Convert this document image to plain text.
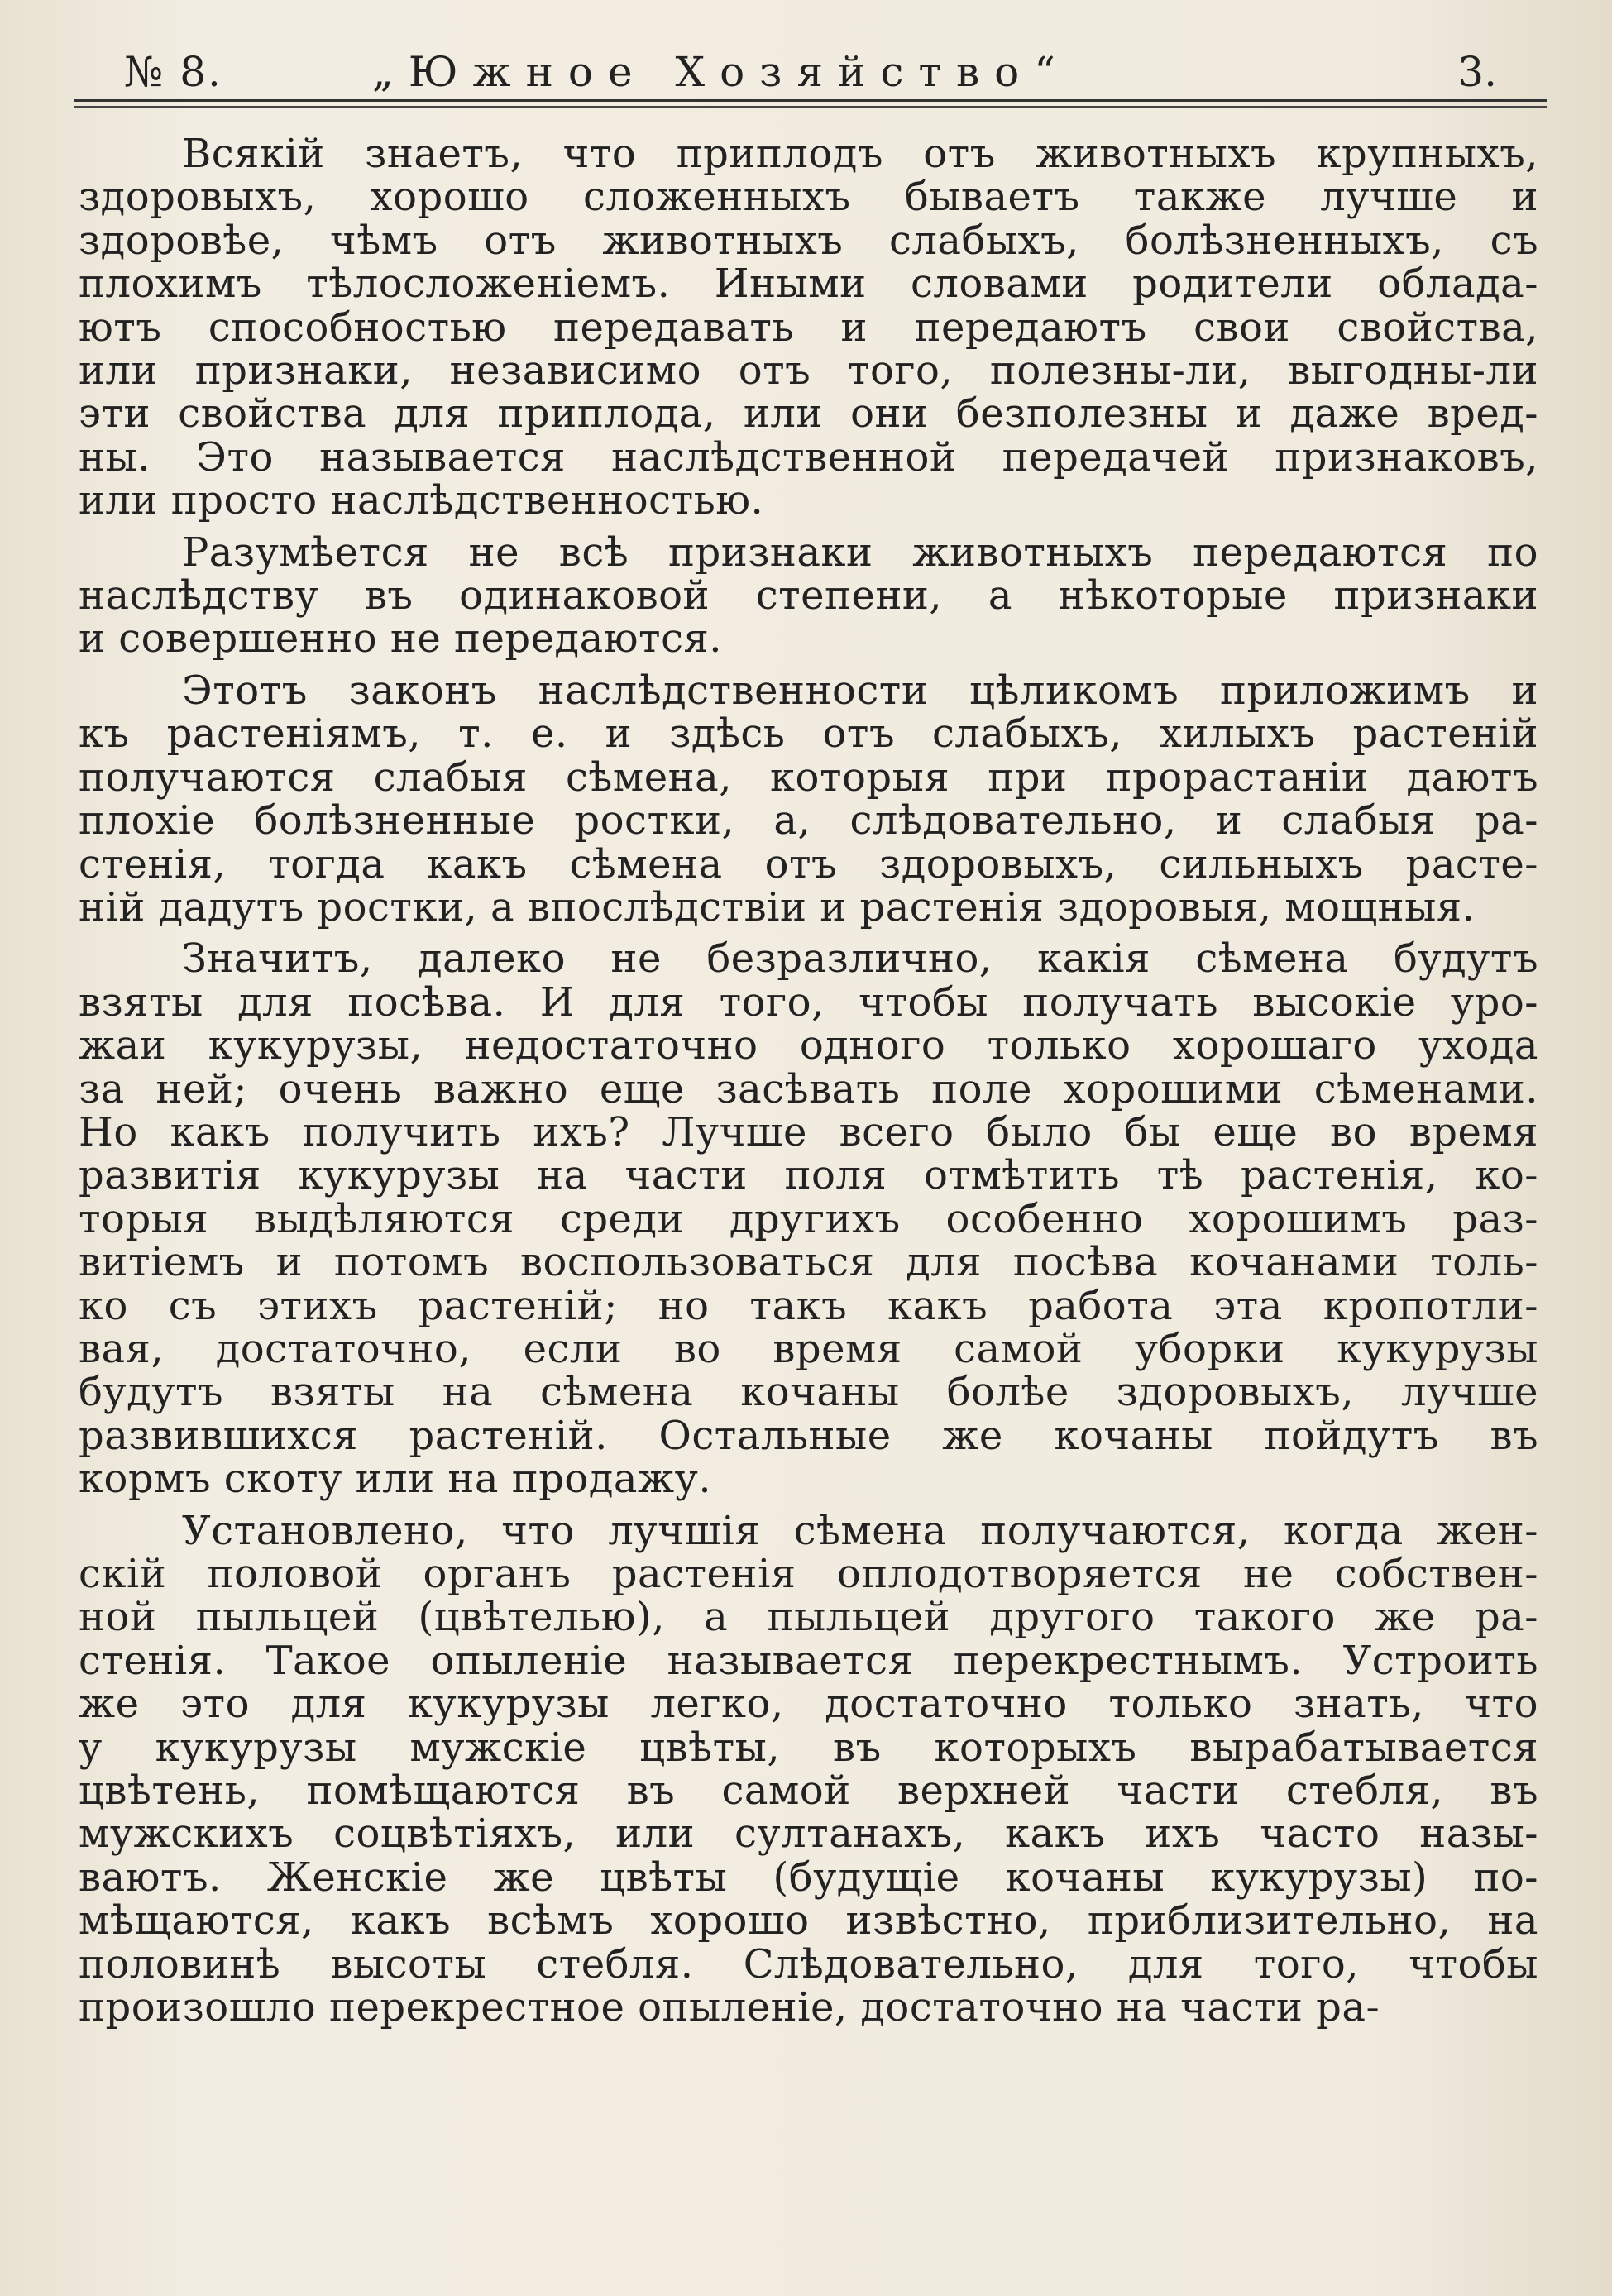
№ 8.	„Южное Хозяйство“	3.
Всякій знаетъ, что приплодъ отъ животныхъ крупныхъ,
здоровыхъ, хорошо сложенныхъ бываетъ также лучше и
здоровѣе, чѣмъ отъ животныхъ слабыхъ, болѣзненныхъ, съ
плохимъ тѣлосложеніемъ. Иными словами родители облада-
ютъ способностью передавать и передаютъ свои свойства,
или признаки, независимо отъ того, полезны-ли, выгодны-ли
эти свойства для приплода, или они безполезны и даже вред-
ны. Это называется наслѣдственной передачей признаковъ,
или просто наслѣдственностью.
Разумѣется не всѣ признаки животныхъ передаются по
наслѣдству въ одинаковой степени, а нѣкоторые признаки
и совершенно не передаются.
Этотъ законъ наслѣдственности цѣликомъ приложимъ и
къ растеніямъ, т. е. и здѣсь отъ слабыхъ, хилыхъ растеній
получаются слабыя сѣмена, которыя при прорастаніи даютъ
плохіе болѣзненные ростки, а, слѣдовательно, и слабыя ра-
стенія, тогда какъ сѣмена отъ здоровыхъ, сильныхъ расте-
ній дадутъ ростки, а впослѣдствіи и растенія здоровыя, мощныя.
Значитъ, далеко не безразлично, какія сѣмена будутъ
взяты для посѣва. И для того, чтобы получать высокіе уро-
жаи кукурузы, недостаточно одного только хорошаго ухода
за ней; очень важно еще засѣвать поле хорошими сѣменами.
Но какъ получить ихъ? Лучше всего было бы еще во время
развитія кукурузы на части поля отмѣтить тѣ растенія, ко-
торыя выдѣляются среди другихъ особенно хорошимъ раз-
витіемъ и потомъ воспользоваться для посѣва кочанами толь-
ко съ этихъ растеній; но такъ какъ работа эта кропотли-
вая, достаточно, если во время самой уборки кукурузы
будутъ взяты на сѣмена кочаны болѣе здоровыхъ, лучше
развившихся растеній. Остальные же кочаны пойдутъ въ
кормъ скоту или на продажу.
Установлено, что лучшія сѣмена получаются, когда жен-
скій половой органъ растенія оплодотворяется не собствен-
ной пыльцей (цвѣтелью), а пыльцей другого такого же ра-
стенія. Такое опыленіе называется перекрестнымъ. Устроить
же это для кукурузы легко, достаточно только знать, что
у кукурузы мужскіе цвѣты, въ которыхъ вырабатывается
цвѣтень, помѣщаются въ самой верхней части стебля, въ
мужскихъ соцвѣтіяхъ, или султанахъ, какъ ихъ часто назы-
ваютъ. Женскіе же цвѣты (будущіе кочаны кукурузы) по-
мѣщаются, какъ всѣмъ хорошо извѣстно, приблизительно, на
половинѣ высоты стебля. Слѣдовательно, для того, чтобы
произошло перекрестное опыленіе, достаточно на части ра-
